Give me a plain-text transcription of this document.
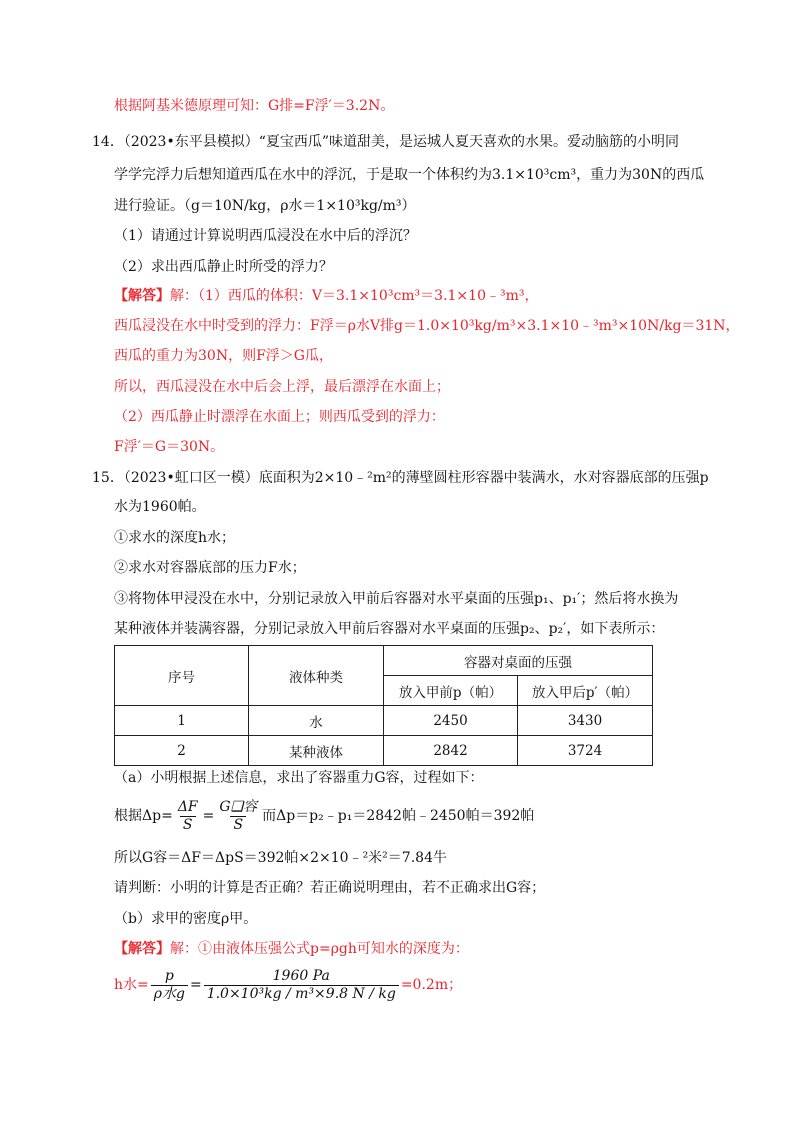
根据阿基米德原理可知：G排=F浮′＝3.2N。
14．（2023•东平县模拟）“夏宝西瓜”味道甜美，是运城人夏天喜欢的水果。爱动脑筋的小明同
学学完浮力后想知道西瓜在水中的浮沉，于是取一个体积约为3.1×10³cm³，重力为30N的西瓜
进行验证。（g＝10N/kg，ρ水＝1×10³kg/m³）
（1）请通过计算说明西瓜浸没在水中后的浮沉？
（2）求出西瓜静止时所受的浮力？
【解答】解：（1）西瓜的体积：V＝3.1×10³cm³＝3.1×10﹣³m³，
西瓜浸没在水中时受到的浮力：F浮＝ρ水V排g＝1.0×10³kg/m³×3.1×10﹣³m³×10N/kg＝31N，
西瓜的重力为30N，则F浮＞G瓜，
所以，西瓜浸没在水中后会上浮，最后漂浮在水面上；
（2）西瓜静止时漂浮在水面上；则西瓜受到的浮力：
F浮′＝G＝30N。
15．（2023•虹口区一模）底面积为2×10﹣²m²的薄壁圆柱形容器中装满水，水对容器底部的压强p
水为1960帕。
①求水的深度h水；
②求水对容器底部的压力F水；
③将物体甲浸没在水中，分别记录放入甲前后容器对水平桌面的压强p₁、p₁′；然后将水换为
某种液体并装满容器，分别记录放入甲前后容器对水平桌面的压强p₂、p₂′，如下表所示：
序号	液体种类	容器对桌面的压强	
		放入甲前p（帕）	放入甲后p′（帕）
1	水	2450	3430
2	某种液体	2842	3724
（a）小明根据上述信息，求出了容器重力G容，过程如下：
根据$\Delta p= \frac{\Delta F}{S} = \frac{\text{G❑容}}{S}$ 而Δp＝p₂﹣p₁＝2842帕﹣2450帕＝392帕
所以G容＝ΔF＝ΔpS＝392帕×2×10﹣²米²＝7.84牛
请判断：小明的计算是否正确？若正确说明理由，若不正确求出G容；
（b）求甲的密度ρ甲。
【解答】解：①由液体压强公式p=ρgh可知水的深度为：
h水= $\frac{p}{\text{ρ水g}} = \frac{1960 Pa}{\text{1.0×10³kg / m³×9.8 N / kg}} =0.2m$；
